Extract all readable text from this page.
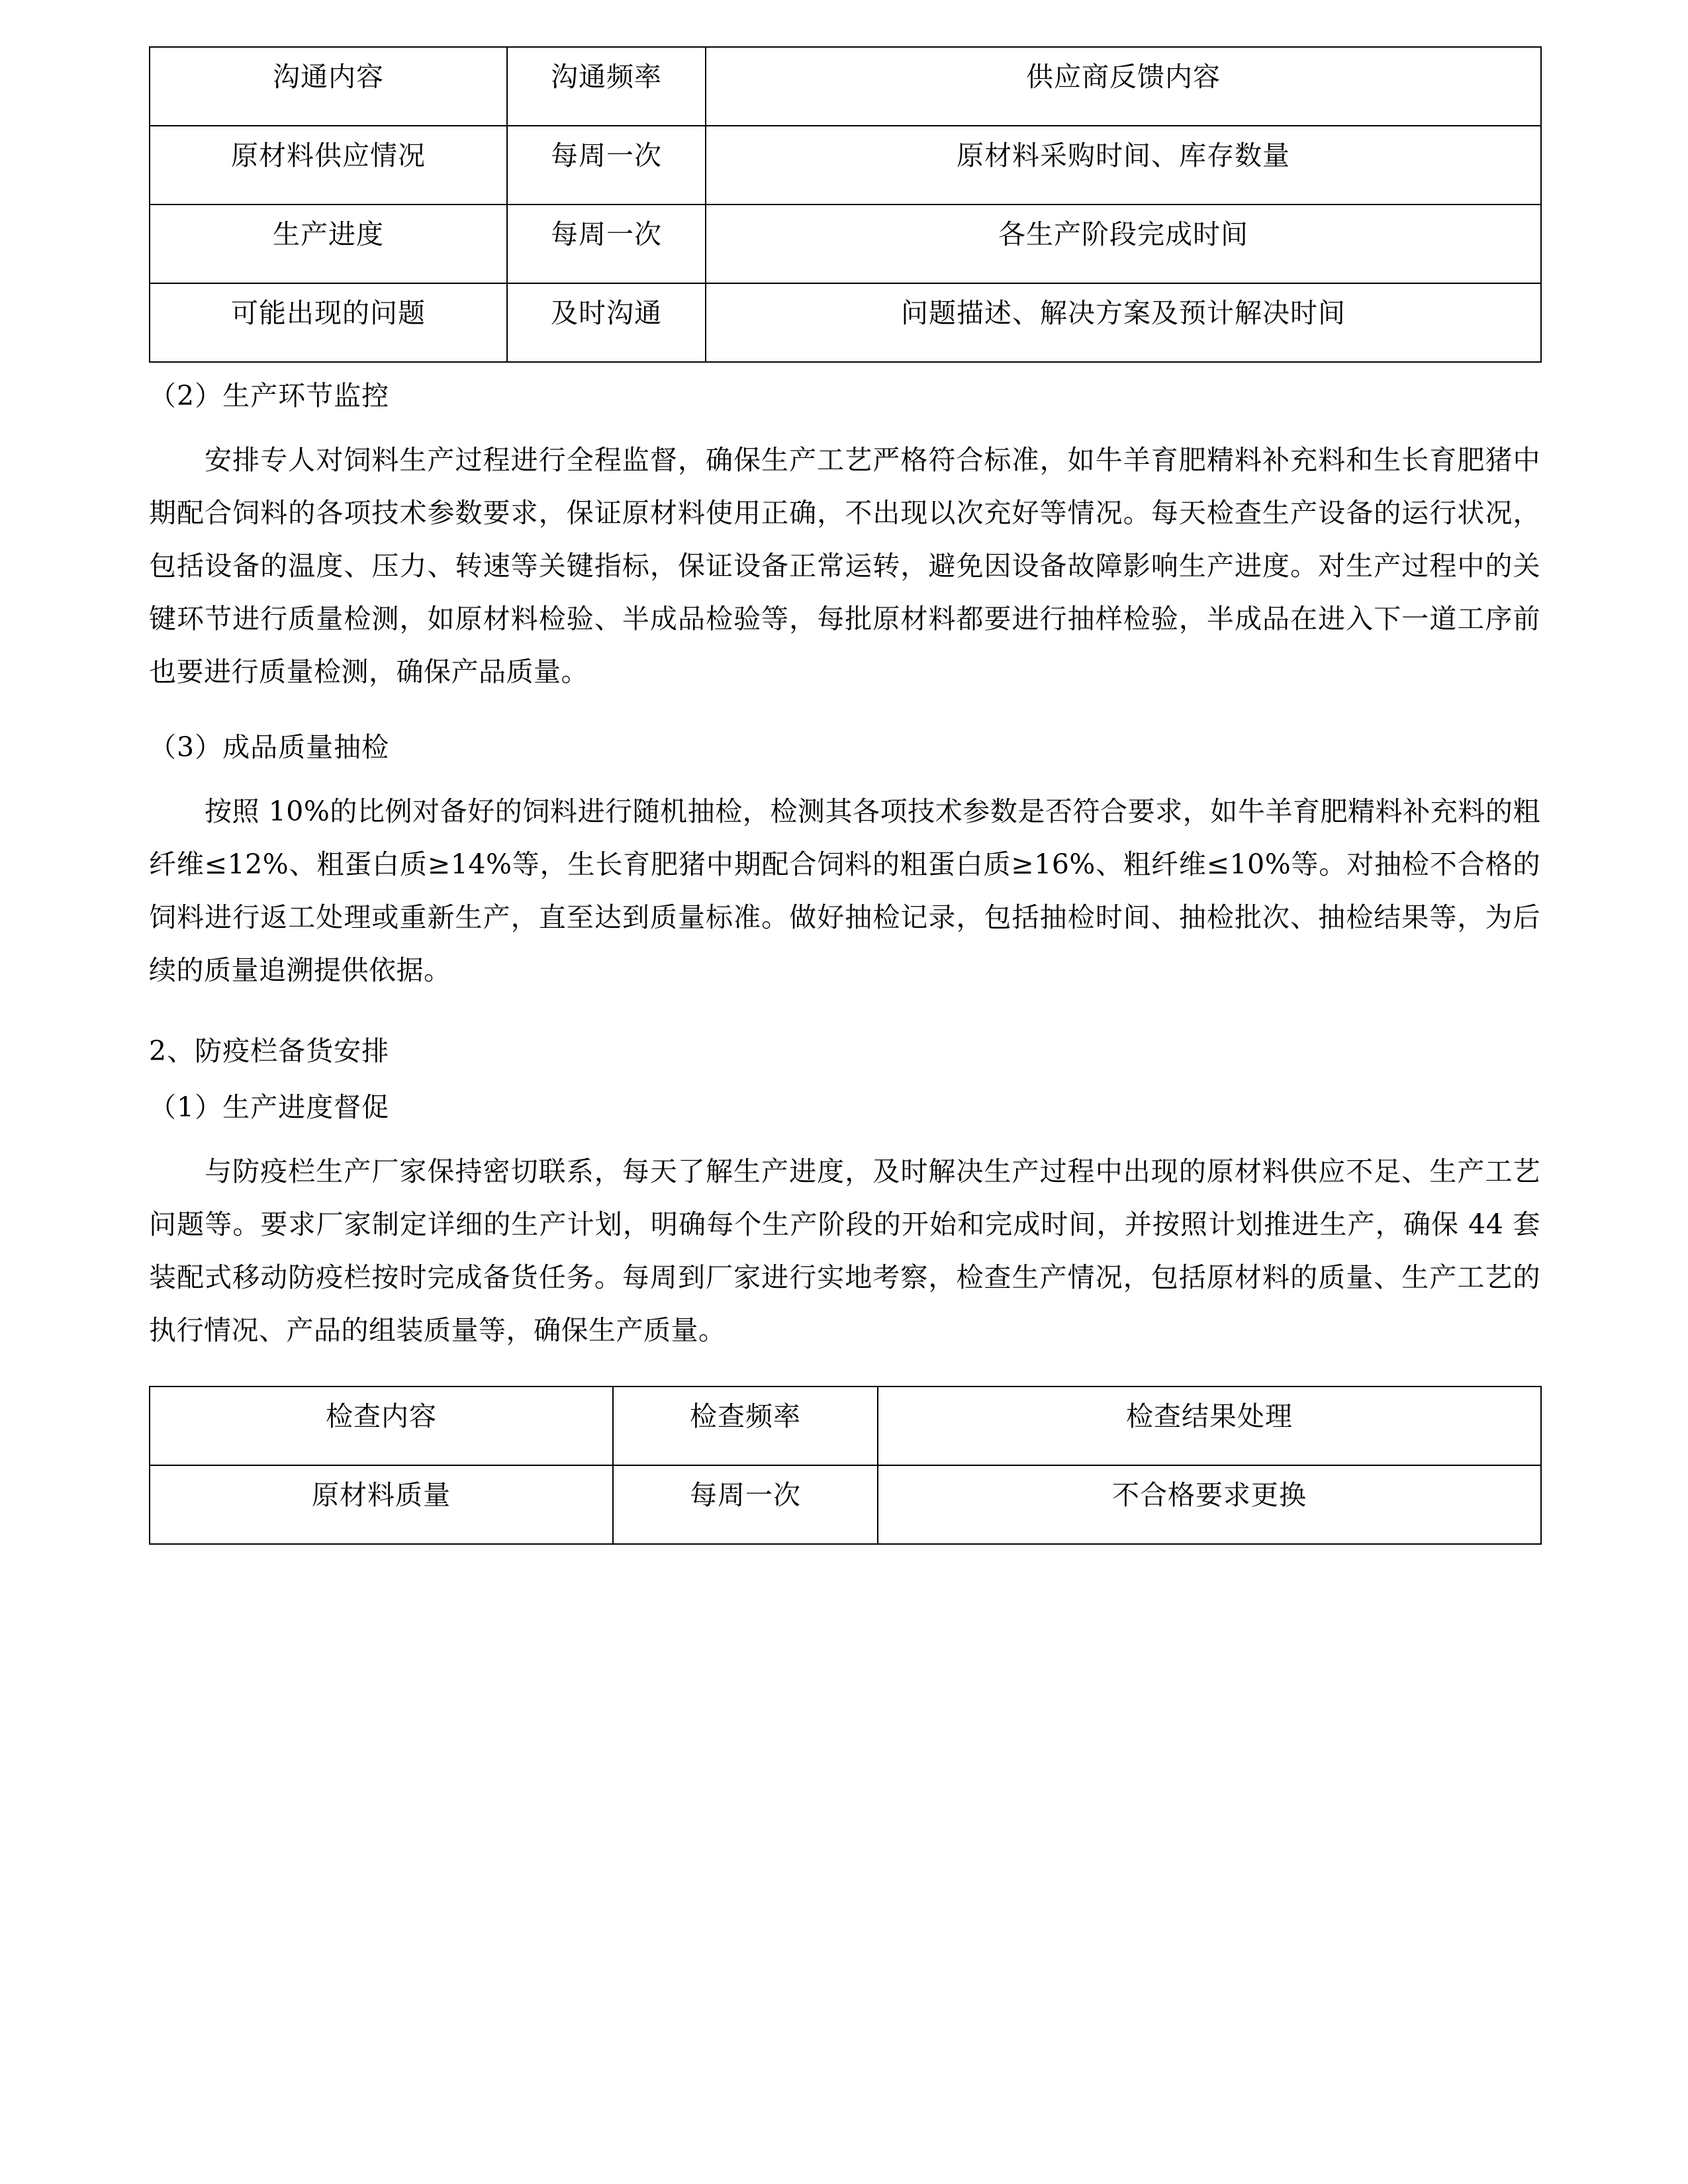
沟通内容	沟通频率	供应商反馈内容
原材料供应情况	每周一次	原材料采购时间、库存数量
生产进度	每周一次	各生产阶段完成时间
可能出现的问题	及时沟通	问题描述、解决方案及预计解决时间
（2）生产环节监控
安排专人对饲料生产过程进行全程监督，确保生产工艺严格符合标准，如牛羊育肥精料补充料和生长育肥猪中期配合饲料的各项技术参数要求，保证原材料使用正确，不出现以次充好等情况。每天检查生产设备的运行状况，包括设备的温度、压力、转速等关键指标，保证设备正常运转，避免因设备故障影响生产进度。对生产过程中的关键环节进行质量检测，如原材料检验、半成品检验等，每批原材料都要进行抽样检验，半成品在进入下一道工序前也要进行质量检测，确保产品质量。
（3）成品质量抽检
按照 10%的比例对备好的饲料进行随机抽检，检测其各项技术参数是否符合要求，如牛羊育肥精料补充料的粗纤维≤12%、粗蛋白质≥14%等，生长育肥猪中期配合饲料的粗蛋白质≥16%、粗纤维≤10%等。对抽检不合格的饲料进行返工处理或重新生产，直至达到质量标准。做好抽检记录，包括抽检时间、抽检批次、抽检结果等，为后续的质量追溯提供依据。
2、防疫栏备货安排
（1）生产进度督促
与防疫栏生产厂家保持密切联系，每天了解生产进度，及时解决生产过程中出现的原材料供应不足、生产工艺问题等。要求厂家制定详细的生产计划，明确每个生产阶段的开始和完成时间，并按照计划推进生产，确保 44 套装配式移动防疫栏按时完成备货任务。每周到厂家进行实地考察，检查生产情况，包括原材料的质量、生产工艺的执行情况、产品的组装质量等，确保生产质量。
检查内容	检查频率	检查结果处理
原材料质量	每周一次	不合格要求更换
